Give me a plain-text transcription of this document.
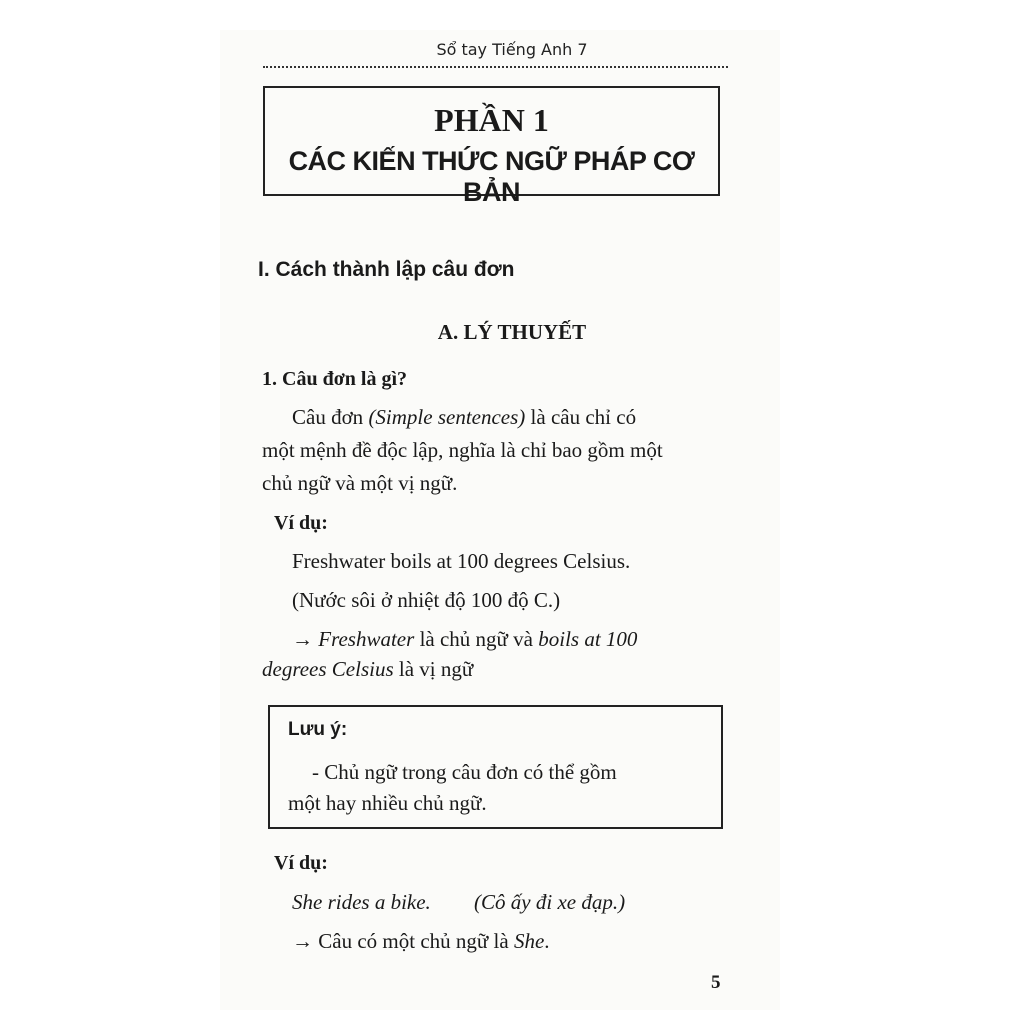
Sổ tay Tiếng Anh 7
PHẦN 1
CÁC KIẾN THỨC NGỮ PHÁP CƠ BẢN
I. Cách thành lập câu đơn
A. LÝ THUYẾT
1. Câu đơn là gì?
Câu đơn (Simple sentences) là câu chỉ có
một mệnh đề độc lập, nghĩa là chỉ bao gồm một
chủ ngữ và một vị ngữ.
Ví dụ:
Freshwater boils at 100 degrees Celsius.
(Nước sôi ở nhiệt độ 100 độ C.)
→ Freshwater là chủ ngữ và boils at 100
degrees Celsius là vị ngữ
Lưu ý:
- Chủ ngữ trong câu đơn có thể gồm
một hay nhiều chủ ngữ.
Ví dụ:
She rides a bike. (Cô ấy đi xe đạp.)
→ Câu có một chủ ngữ là She.
5
